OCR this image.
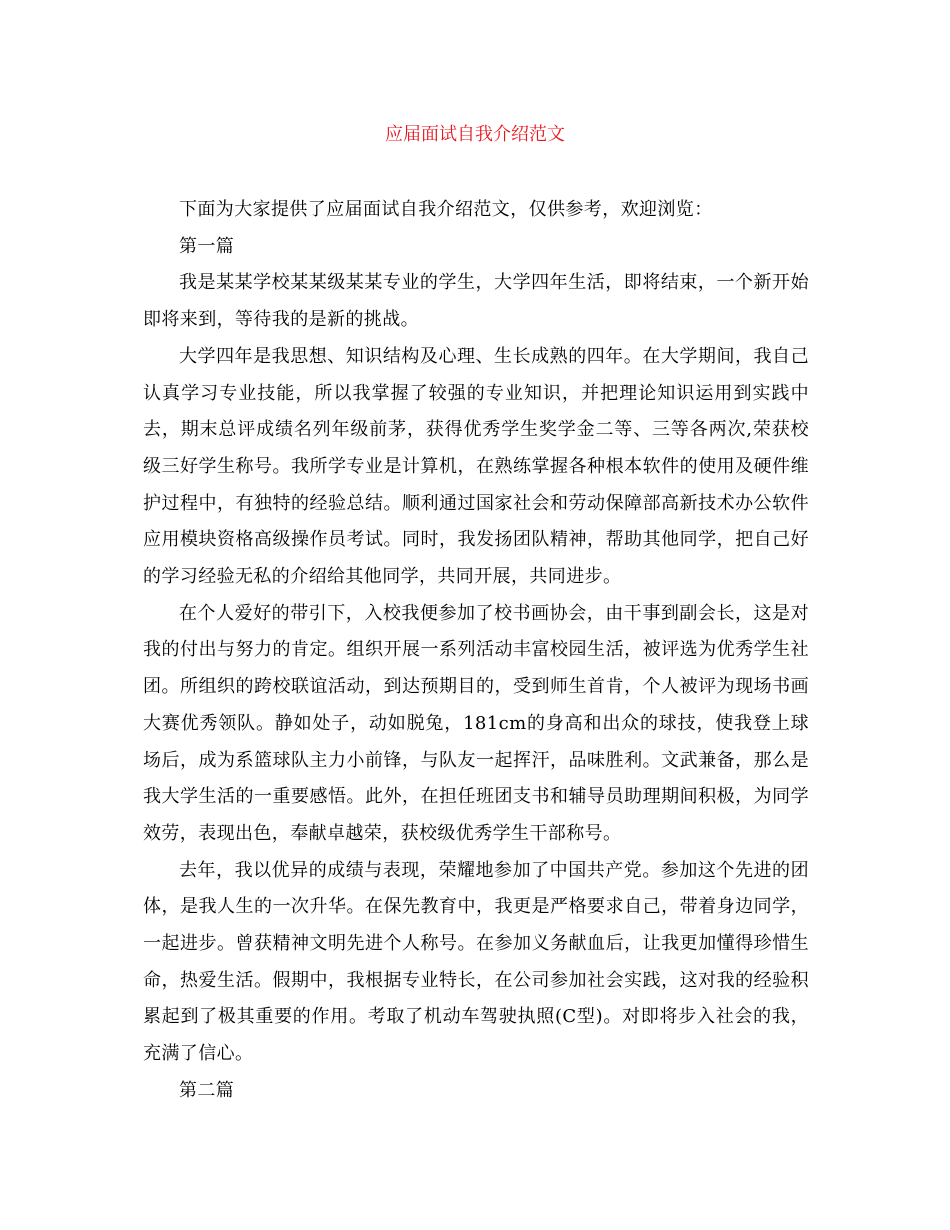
应届面试自我介绍范文

下面为大家提供了应届面试自我介绍范文，仅供参考，欢迎浏览：

第一篇

我是某某学校某某级某某专业的学生，大学四年生活，即将结束，一个新开始即将来到，等待我的是新的挑战。

大学四年是我思想、知识结构及心理、生长成熟的四年。在大学期间，我自己认真学习专业技能，所以我掌握了较强的专业知识，并把理论知识运用到实践中去，期末总评成绩名列年级前茅，获得优秀学生奖学金二等、三等各两次,荣获校级三好学生称号。我所学专业是计算机，在熟练掌握各种根本软件的使用及硬件维护过程中，有独特的经验总结。顺利通过国家社会和劳动保障部高新技术办公软件应用模块资格高级操作员考试。同时，我发扬团队精神，帮助其他同学，把自己好的学习经验无私的介绍给其他同学，共同开展，共同进步。

在个人爱好的带引下，入校我便参加了校书画协会，由干事到副会长，这是对我的付出与努力的肯定。组织开展一系列活动丰富校园生活，被评选为优秀学生社团。所组织的跨校联谊活动，到达预期目的，受到师生首肯，个人被评为现场书画大赛优秀领队。静如处子，动如脱兔，181cm的身高和出众的球技，使我登上球场后，成为系篮球队主力小前锋，与队友一起挥汗，品味胜利。文武兼备，那么是我大学生活的一重要感悟。此外，在担任班团支书和辅导员助理期间积极，为同学效劳，表现出色，奉献卓越荣，获校级优秀学生干部称号。

去年，我以优异的成绩与表现，荣耀地参加了中国共产党。参加这个先进的团体，是我人生的一次升华。在保先教育中，我更是严格要求自己，带着身边同学，一起进步。曾获精神文明先进个人称号。在参加义务献血后，让我更加懂得珍惜生命，热爱生活。假期中，我根据专业特长，在公司参加社会实践，这对我的经验积累起到了极其重要的作用。考取了机动车驾驶执照(C型)。对即将步入社会的我，充满了信心。

第二篇
